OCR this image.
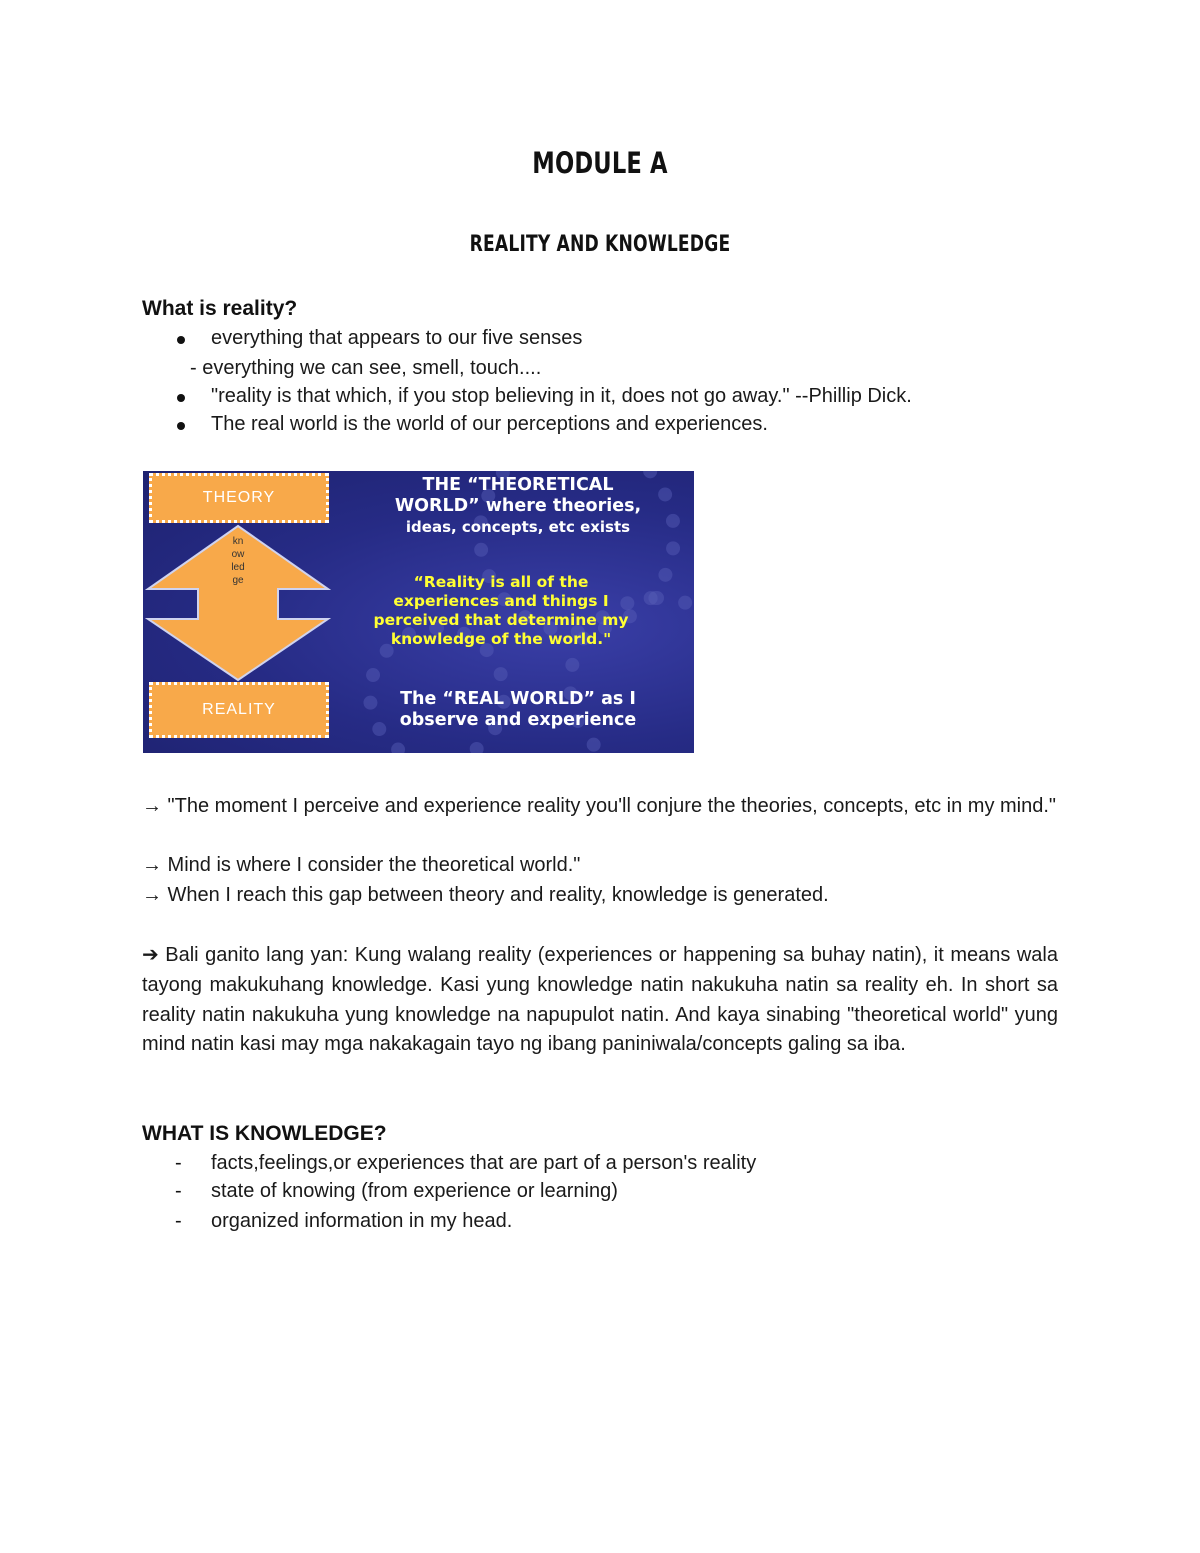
MODULE A
REALITY AND KNOWLEDGE
What is reality?
everything that appears to our five senses
- everything we can see, smell, touch....
"reality is that which, if you stop believing in it, does not go away." --Phillip Dick.
The real world is the world of our perceptions and experiences.
THEORY
knowledge
REALITY
THE “THEORETICAL
WORLD” where theories,
ideas, concepts, etc exists
“Reality is all of the
experiences and things I
perceived that determine my
knowledge of the world."
The “REAL WORLD” as I
observe and experience
→ "The moment I perceive and experience reality you'll conjure the theories, concepts, etc in my mind."
→ Mind is where I consider the theoretical world."
→ When I reach this gap between theory and reality, knowledge is generated.
➔ Bali ganito lang yan: Kung walang reality (experiences or happening sa buhay natin), it means wala tayong makukuhang knowledge. Kasi yung knowledge natin nakukuha natin sa reality eh. In short sa reality natin nakukuha yung knowledge na napupulot natin. And kaya sinabing "theoretical world" yung mind natin kasi may mga nakakagain tayo ng ibang paniniwala/concepts galing sa iba.
WHAT IS KNOWLEDGE?
- facts,feelings,or experiences that are part of a person's reality
- state of knowing (from experience or learning)
- organized information in my head.
